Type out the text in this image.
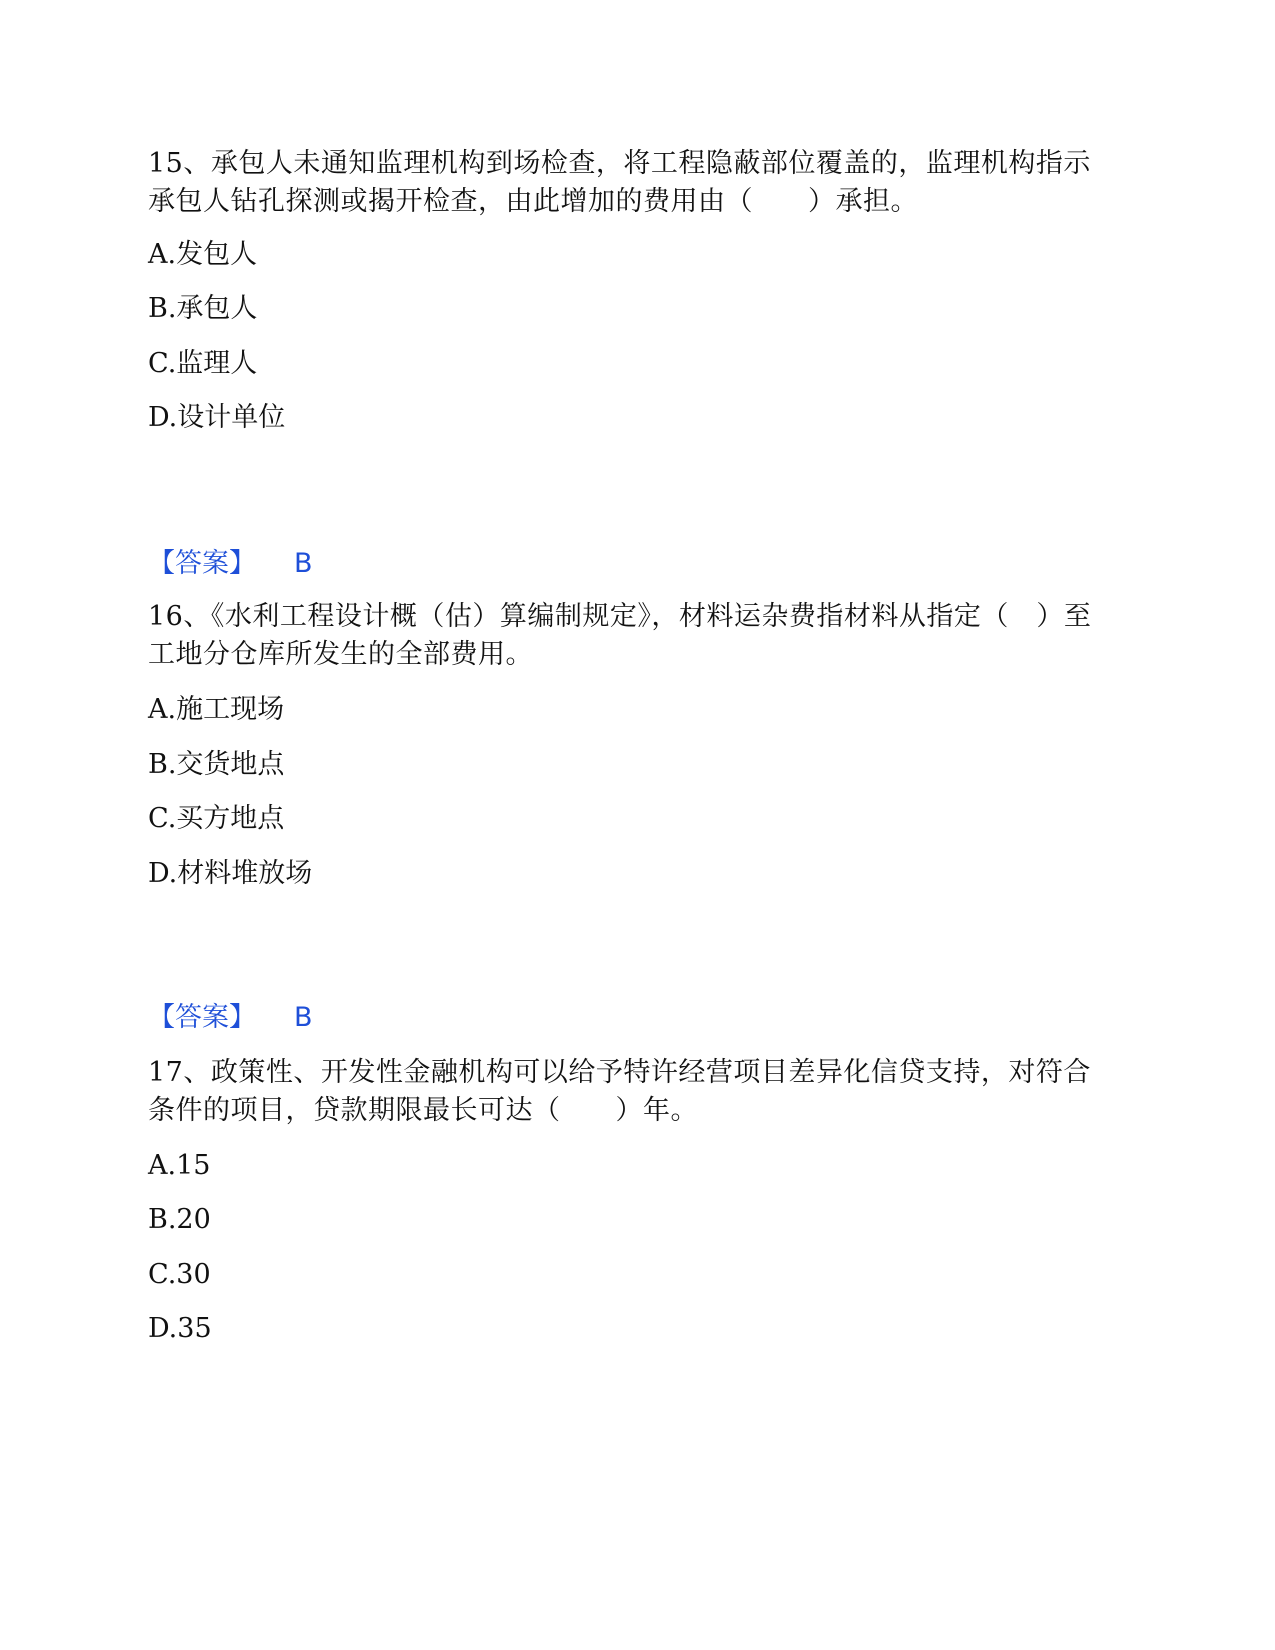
15、承包人未通知监理机构到场检查，将工程隐蔽部位覆盖的，监理机构指示承包人钻孔探测或揭开检查，由此增加的费用由（　　）承担。

A.发包人

B.承包人

C.监理人

D.设计单位

【答案】 B

16、《水利工程设计概（估）算编制规定》，材料运杂费指材料从指定（　）至工地分仓库所发生的全部费用。

A.施工现场

B.交货地点

C.买方地点

D.材料堆放场

【答案】 B

17、政策性、开发性金融机构可以给予特许经营项目差异化信贷支持，对符合条件的项目，贷款期限最长可达（　　）年。

A.15

B.20

C.30

D.35
